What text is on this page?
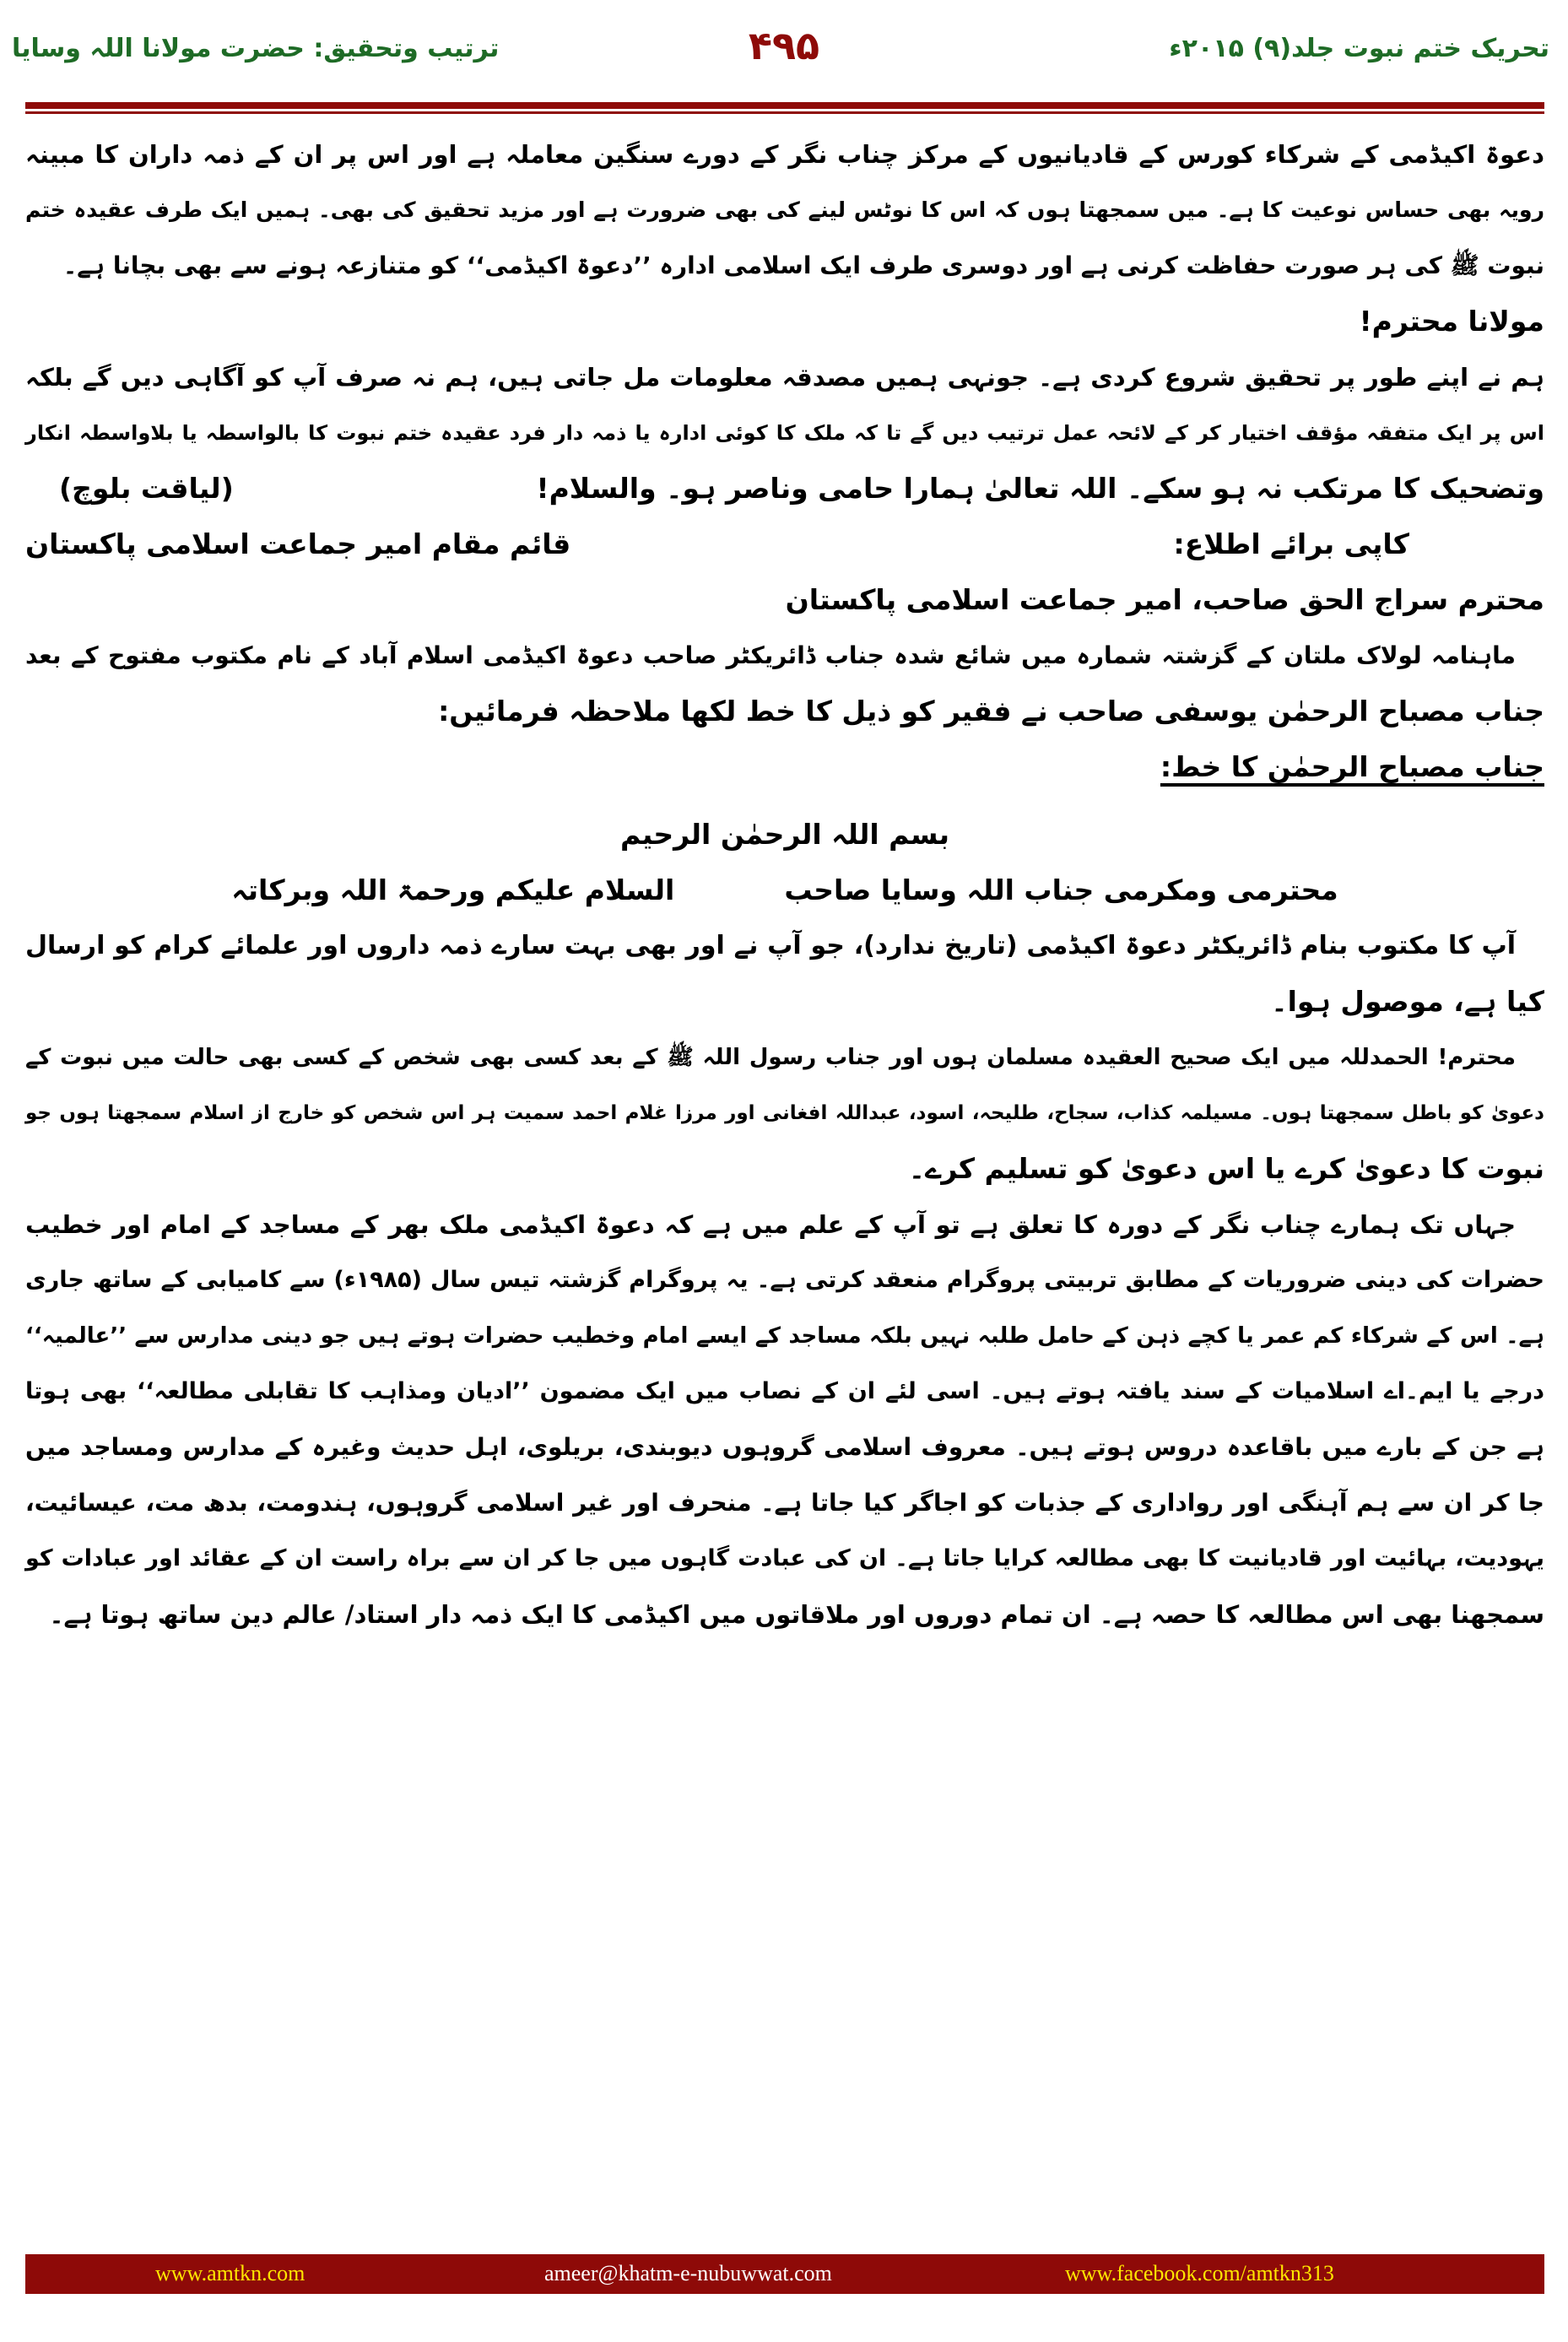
ترتیب وتحقیق: حضرت مولانا اللہ وسایا	۴۹۵	تحریک ختم نبوت جلد(۹) ۲۰۱۵ء
دعوۃ اکیڈمی کے شرکاء کورس کے قادیانیوں کے مرکز چناب نگر کے دورے سنگین معاملہ ہے اور اس پر ان کے ذمہ داران کا مبینہ
رویہ بھی حساس نوعیت کا ہے۔ میں سمجھتا ہوں کہ اس کا نوٹس لینے کی بھی ضرورت ہے اور مزید تحقیق کی بھی۔ ہمیں ایک طرف عقیدہ ختم
نبوت ﷺ کی ہر صورت حفاظت کرنی ہے اور دوسری طرف ایک اسلامی ادارہ ’’دعوۃ اکیڈمی‘‘ کو متنازعہ ہونے سے بھی بچانا ہے۔
مولانا محترم!
ہم نے اپنے طور پر تحقیق شروع کردی ہے۔ جونہی ہمیں مصدقہ معلومات مل جاتی ہیں، ہم نہ صرف آپ کو آگاہی دیں گے بلکہ
اس پر ایک متفقہ مؤقف اختیار کر کے لائحہ عمل ترتیب دیں گے تا کہ ملک کا کوئی ادارہ یا ذمہ دار فرد عقیدہ ختم نبوت کا بالواسطہ یا بلاواسطہ انکار
وتضحیک کا مرتکب نہ ہو سکے۔ اللہ تعالیٰ ہمارا حامی وناصر ہو۔ والسلام!
(لیاقت بلوچ)
کاپی برائے اطلاع:
قائم مقام امیر جماعت اسلامی پاکستان
محترم سراج الحق صاحب، امیر جماعت اسلامی پاکستان
ماہنامہ لولاک ملتان کے گزشتہ شمارہ میں شائع شدہ جناب ڈائریکٹر صاحب دعوۃ اکیڈمی اسلام آباد کے نام مکتوب مفتوح کے بعد
جناب مصباح الرحمٰن یوسفی صاحب نے فقیر کو ذیل کا خط لکھا ملاحظہ فرمائیں:
جناب مصباح الرحمٰن کا خط:
بسم اللہ الرحمٰن الرحیم
محترمی ومکرمی جناب اللہ وسایا صاحب
السلام علیکم ورحمۃ اللہ وبرکاتہ
آپ کا مکتوب بنام ڈائریکٹر دعوۃ اکیڈمی (تاریخ ندارد)، جو آپ نے اور بھی بہت سارے ذمہ داروں اور علمائے کرام کو ارسال
کیا ہے، موصول ہوا۔
محترم! الحمدللہ میں ایک صحیح العقیدہ مسلمان ہوں اور جناب رسول اللہ ﷺ کے بعد کسی بھی شخص کے کسی بھی حالت میں نبوت کے
دعویٰ کو باطل سمجھتا ہوں۔ مسیلمہ کذاب، سجاح، طلیحہ، اسود، عبداللہ افغانی اور مرزا غلام احمد سمیت ہر اس شخص کو خارج از اسلام سمجھتا ہوں جو
نبوت کا دعویٰ کرے یا اس دعویٰ کو تسلیم کرے۔
جہاں تک ہمارے چناب نگر کے دورہ کا تعلق ہے تو آپ کے علم میں ہے کہ دعوۃ اکیڈمی ملک بھر کے مساجد کے امام اور خطیب
حضرات کی دینی ضروریات کے مطابق تربیتی پروگرام منعقد کرتی ہے۔ یہ پروگرام گزشتہ تیس سال (۱۹۸۵ء) سے کامیابی کے ساتھ جاری
ہے۔ اس کے شرکاء کم عمر یا کچے ذہن کے حامل طلبہ نہیں بلکہ مساجد کے ایسے امام وخطیب حضرات ہوتے ہیں جو دینی مدارس سے ’’عالمیہ‘‘
درجے یا ایم۔اے اسلامیات کے سند یافتہ ہوتے ہیں۔ اسی لئے ان کے نصاب میں ایک مضمون ’’ادیان ومذاہب کا تقابلی مطالعہ‘‘ بھی ہوتا
ہے جن کے بارے میں باقاعدہ دروس ہوتے ہیں۔ معروف اسلامی گروہوں دیوبندی، بریلوی، اہل حدیث وغیرہ کے مدارس ومساجد میں
جا کر ان سے ہم آہنگی اور رواداری کے جذبات کو اجاگر کیا جاتا ہے۔ منحرف اور غیر اسلامی گروہوں، ہندومت، بدھ مت، عیسائیت،
یہودیت، بہائیت اور قادیانیت کا بھی مطالعہ کرایا جاتا ہے۔ ان کی عبادت گاہوں میں جا کر ان سے براہ راست ان کے عقائد اور عبادات کو
سمجھنا بھی اس مطالعہ کا حصہ ہے۔ ان تمام دوروں اور ملاقاتوں میں اکیڈمی کا ایک ذمہ دار استاد/ عالم دین ساتھ ہوتا ہے۔
www.amtkn.com	ameer@khatm-e-nubuwwat.com	www.facebook.com/amtkn313
